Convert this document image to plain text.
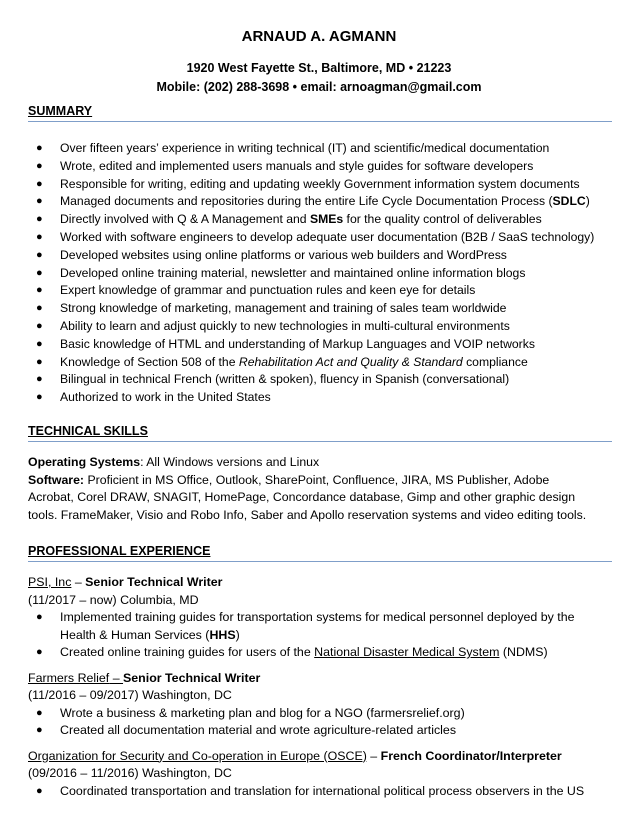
ARNAUD A. AGMANN
1920 West Fayette St., Baltimore, MD • 21223
Mobile: (202) 288-3698 • email: arnoagman@gmail.com
SUMMARY
● Over fifteen years’ experience in writing technical (IT) and scientific/medical documentation
● Wrote, edited and implemented users manuals and style guides for software developers
● Responsible for writing, editing and updating weekly Government information system documents
● Managed documents and repositories during the entire Life Cycle Documentation Process (SDLC)
● Directly involved with Q & A Management and SMEs for the quality control of deliverables
● Worked with software engineers to develop adequate user documentation (B2B / SaaS technology)
● Developed websites using online platforms or various web builders and WordPress
● Developed online training material, newsletter and maintained online information blogs
● Expert knowledge of grammar and punctuation rules and keen eye for details
● Strong knowledge of marketing, management and training of sales team worldwide
● Ability to learn and adjust quickly to new technologies in multi-cultural environments
● Basic knowledge of HTML and understanding of Markup Languages and VOIP networks
● Knowledge of Section 508 of the Rehabilitation Act and Quality & Standard compliance
● Bilingual in technical French (written & spoken), fluency in Spanish (conversational)
● Authorized to work in the United States
TECHNICAL SKILLS
Operating Systems: All Windows versions and Linux
Software: Proficient in MS Office, Outlook, SharePoint, Confluence, JIRA, MS Publisher, Adobe
Acrobat, Corel DRAW, SNAGIT, HomePage, Concordance database, Gimp and other graphic design
tools. FrameMaker, Visio and Robo Info, Saber and Apollo reservation systems and video editing tools.
PROFESSIONAL EXPERIENCE
PSI, Inc – Senior Technical Writer
(11/2017 – now) Columbia, MD
● Implemented training guides for transportation systems for medical personnel deployed by the
Health & Human Services (HHS)
● Created online training guides for users of the National Disaster Medical System (NDMS)
Farmers Relief – Senior Technical Writer
(11/2016 – 09/2017) Washington, DC
● Wrote a business & marketing plan and blog for a NGO (farmersrelief.org)
● Created all documentation material and wrote agriculture-related articles
Organization for Security and Co-operation in Europe (OSCE) – French Coordinator/Interpreter
(09/2016 – 11/2016) Washington, DC
● Coordinated transportation and translation for international political process observers in the US
